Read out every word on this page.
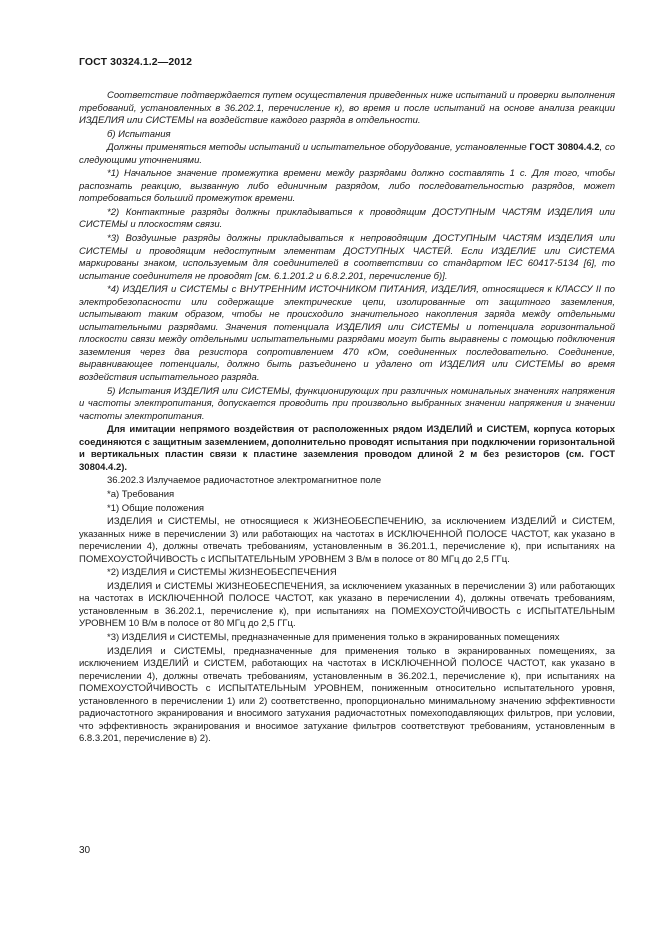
ГОСТ 30324.1.2—2012

Соответствие подтверждается путем осуществления приведенных ниже испытаний и проверки выполнения требований, установленных в 36.202.1, перечисление к), во время и после испытаний на основе анализа реакции ИЗДЕЛИЯ или СИСТЕМЫ на воздействие каждого разряда в отдельности.

б) Испытания

Должны применяться методы испытаний и испытательное оборудование, установленные ГОСТ 30804.4.2, со следующими уточнениями.

*1) Начальное значение промежутка времени между разрядами должно составлять 1 с. Для того, чтобы распознать реакцию, вызванную либо единичным разрядом, либо последовательностью разрядов, может потребоваться больший промежуток времени.

*2) Контактные разряды должны прикладываться к проводящим ДОСТУПНЫМ ЧАСТЯМ ИЗДЕЛИЯ или СИСТЕМЫ и плоскостям связи.

*3) Воздушные разряды должны прикладываться к непроводящим ДОСТУПНЫМ ЧАСТЯМ ИЗДЕЛИЯ или СИСТЕМЫ и проводящим недоступным элементам ДОСТУПНЫХ ЧАСТЕЙ. Если ИЗДЕЛИЕ или СИСТЕМА маркированы знаком, используемым для соединителей в соответствии со стандартом IEC 60417-5134 [6], то испытание соединителя не проводят [см. 6.1.201.2 и 6.8.2.201, перечисление б)].

*4) ИЗДЕЛИЯ и СИСТЕМЫ с ВНУТРЕННИМ ИСТОЧНИКОМ ПИТАНИЯ, ИЗДЕЛИЯ, относящиеся к КЛАССУ II по электробезопасности или содержащие электрические цепи, изолированные от защитного заземления, испытывают таким образом, чтобы не происходило значительного накопления заряда между отдельными испытательными разрядами. Значения потенциала ИЗДЕЛИЯ или СИСТЕМЫ и потенциала горизонтальной плоскости связи между отдельными испытательными разрядами могут быть выравнены с помощью подключения заземления через два резистора сопротивлением 470 кОм, соединенных последовательно. Соединение, выравнивающее потенциалы, должно быть разъединено и удалено от ИЗДЕЛИЯ или СИСТЕМЫ во время воздействия испытательного разряда.

5) Испытания ИЗДЕЛИЯ или СИСТЕМЫ, функционирующих при различных номинальных значениях напряжения и частоты электропитания, допускается проводить при произвольно выбранных значении напряжения и значении частоты электропитания.

Для имитации непрямого воздействия от расположенных рядом ИЗДЕЛИЙ и СИСТЕМ, корпуса которых соединяются с защитным заземлением, дополнительно проводят испытания при подключении горизонтальной и вертикальных пластин связи к пластине заземления проводом длиной 2 м без резисторов (см. ГОСТ 30804.4.2).

36.202.3 Излучаемое радиочастотное электромагнитное поле

*а) Требования

*1) Общие положения

ИЗДЕЛИЯ и СИСТЕМЫ, не относящиеся к ЖИЗНЕОБЕСПЕЧЕНИЮ, за исключением ИЗДЕЛИЙ и СИСТЕМ, указанных ниже в перечислении 3) или работающих на частотах в ИСКЛЮЧЕННОЙ ПОЛОСЕ ЧАСТОТ, как указано в перечислении 4), должны отвечать требованиям, установленным в 36.201.1, перечисление к), при испытаниях на ПОМЕХОУСТОЙЧИВОСТЬ с ИСПЫТАТЕЛЬНЫМ УРОВНЕМ 3 В/м в полосе от 80 МГц до 2,5 ГГц.

*2) ИЗДЕЛИЯ и СИСТЕМЫ ЖИЗНЕОБЕСПЕЧЕНИЯ

ИЗДЕЛИЯ и СИСТЕМЫ ЖИЗНЕОБЕСПЕЧЕНИЯ, за исключением указанных в перечислении 3) или работающих на частотах в ИСКЛЮЧЕННОЙ ПОЛОСЕ ЧАСТОТ, как указано в перечислении 4), должны отвечать требованиям, установленным в 36.202.1, перечисление к), при испытаниях на ПОМЕХОУСТОЙЧИВОСТЬ с ИСПЫТАТЕЛЬНЫМ УРОВНЕМ 10 В/м в полосе от 80 МГц до 2,5 ГГц.

*3) ИЗДЕЛИЯ и СИСТЕМЫ, предназначенные для применения только в экранированных помещениях

ИЗДЕЛИЯ и СИСТЕМЫ, предназначенные для применения только в экранированных помещениях, за исключением ИЗДЕЛИЙ и СИСТЕМ, работающих на частотах в ИСКЛЮЧЕННОЙ ПОЛОСЕ ЧАСТОТ, как указано в перечислении 4), должны отвечать требованиям, установленным в 36.202.1, перечисление к), при испытаниях на ПОМЕХОУСТОЙЧИВОСТЬ с ИСПЫТАТЕЛЬНЫМ УРОВНЕМ, пониженным относительно испытательного уровня, установленного в перечислении 1) или 2) соответственно, пропорционально минимальному значению эффективности радиочастотного экранирования и вносимого затухания радиочастотных помехоподавляющих фильтров, при условии, что эффективность экранирования и вносимое затухание фильтров соответствуют требованиям, установленным в 6.8.3.201, перечисление в) 2).

30
